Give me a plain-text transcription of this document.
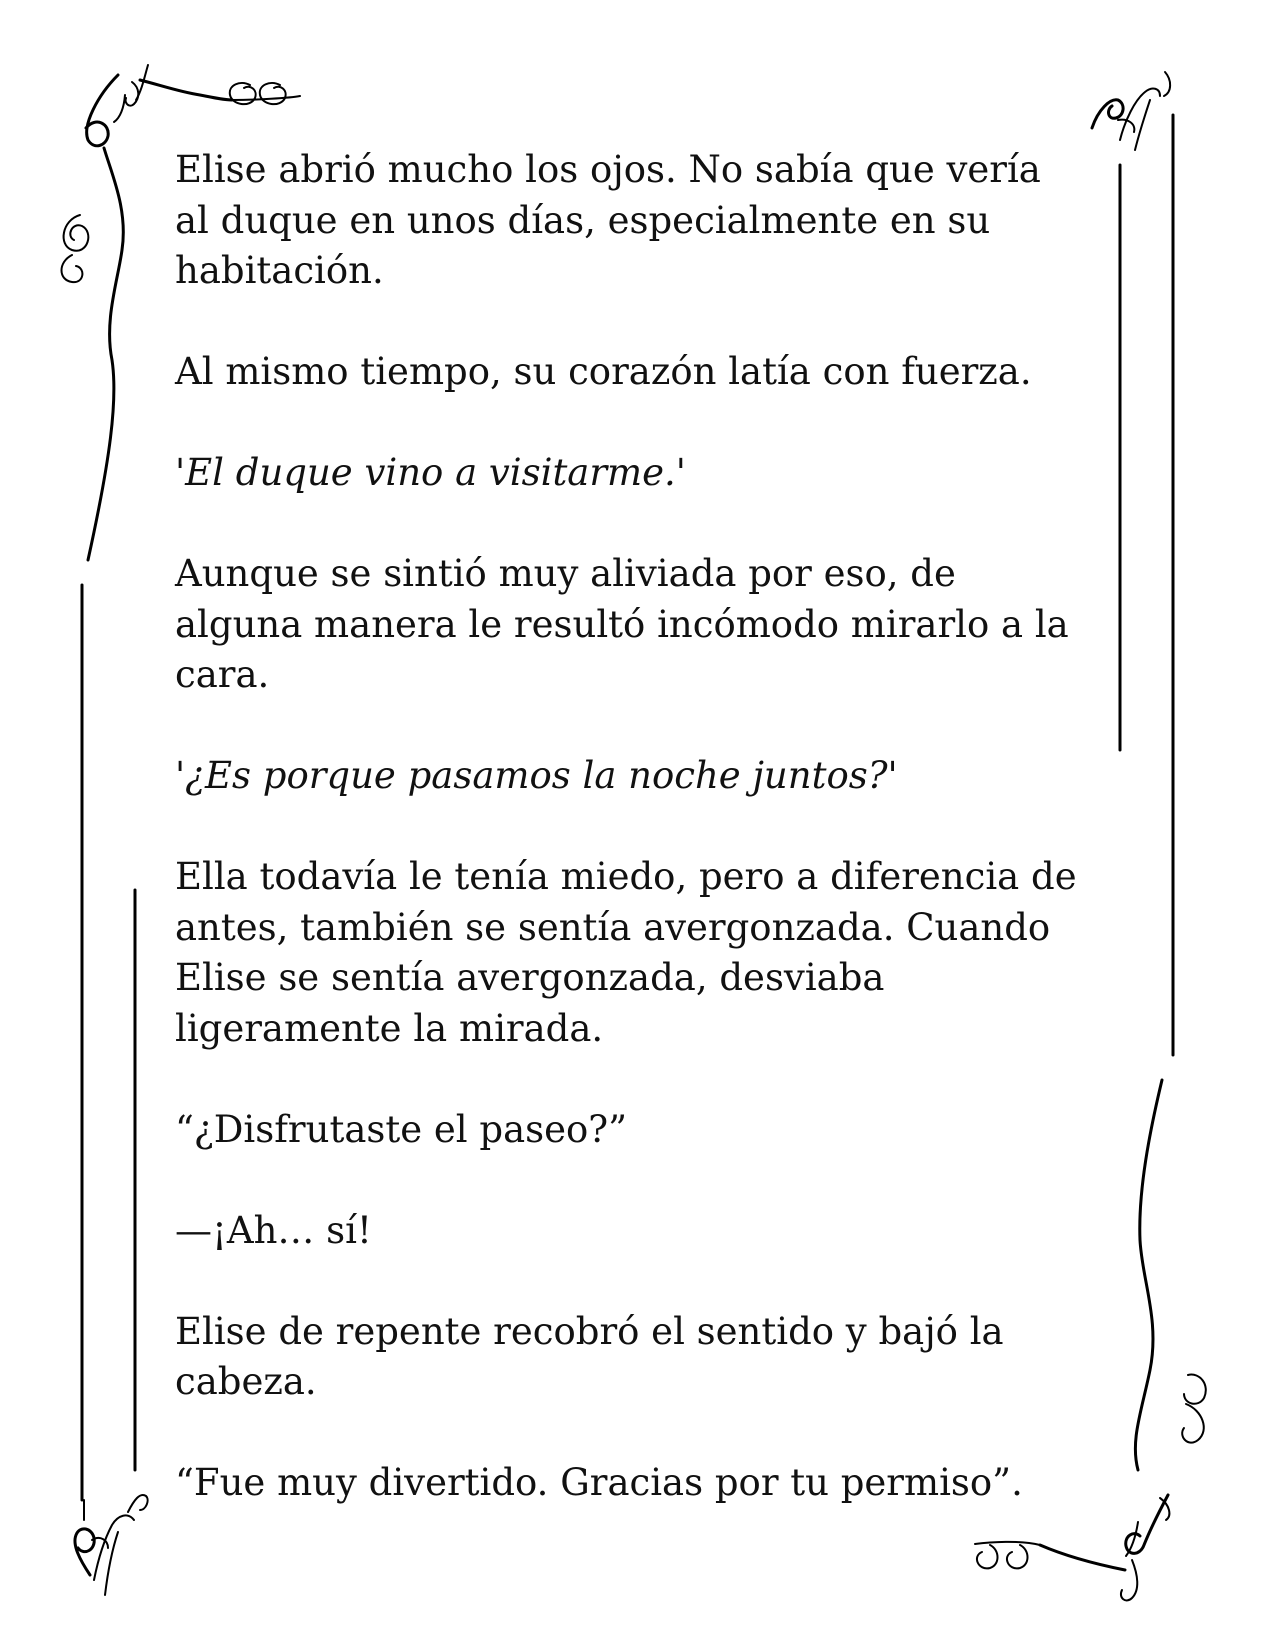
Elise abrió mucho los ojos. No sabía que vería
al duque en unos días, especialmente en su
habitación.

Al mismo tiempo, su corazón latía con fuerza.

'El duque vino a visitarme.'

Aunque se sintió muy aliviada por eso, de
alguna manera le resultó incómodo mirarlo a la
cara.

'¿Es porque pasamos la noche juntos?'

Ella todavía le tenía miedo, pero a diferencia de
antes, también se sentía avergonzada. Cuando
Elise se sentía avergonzada, desviaba
ligeramente la mirada.

“¿Disfrutaste el paseo?”

—¡Ah… sí!

Elise de repente recobró el sentido y bajó la
cabeza.

“Fue muy divertido. Gracias por tu permiso”.
